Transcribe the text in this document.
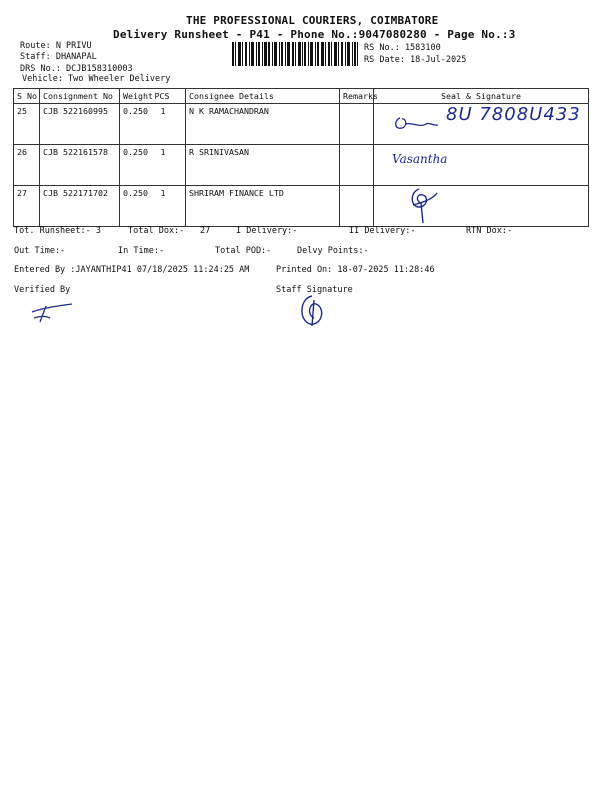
THE PROFESSIONAL COURIERS, COIMBATORE
Delivery Runsheet - P41 - Phone No.:9047080280 - Page No.:3
Route: N PRIVU
Staff: DHANAPAL
DRS No.: DCJB158310003
Vehicle: Two Wheeler Delivery
RS No.: 1583100
RS Date: 18-Jul-2025
S No	Consignment No	Weight	PCS	Consignee Details	Remarks	Seal & Signature
25	CJB 522160995	0.250	1	N K RAMACHANDRAN		
26	CJB 522161578	0.250	1	R SRINIVASAN		
27	CJB 522171702	0.250	1	SHRIRAM FINANCE LTD		
8U 7808U433
Vasantha
Tot. Runsheet:- 3	Total Dox:- 27	I Delivery:-	II Delivery:-	RTN Dox:-
Out Time:-	In Time:-	Total POD:-	Delvy Points:-
Entered By :JAYANTHIP41 07/18/2025 11:24:25 AM	Printed On: 18-07-2025 11:28:46
Verified By	Staff Signature
